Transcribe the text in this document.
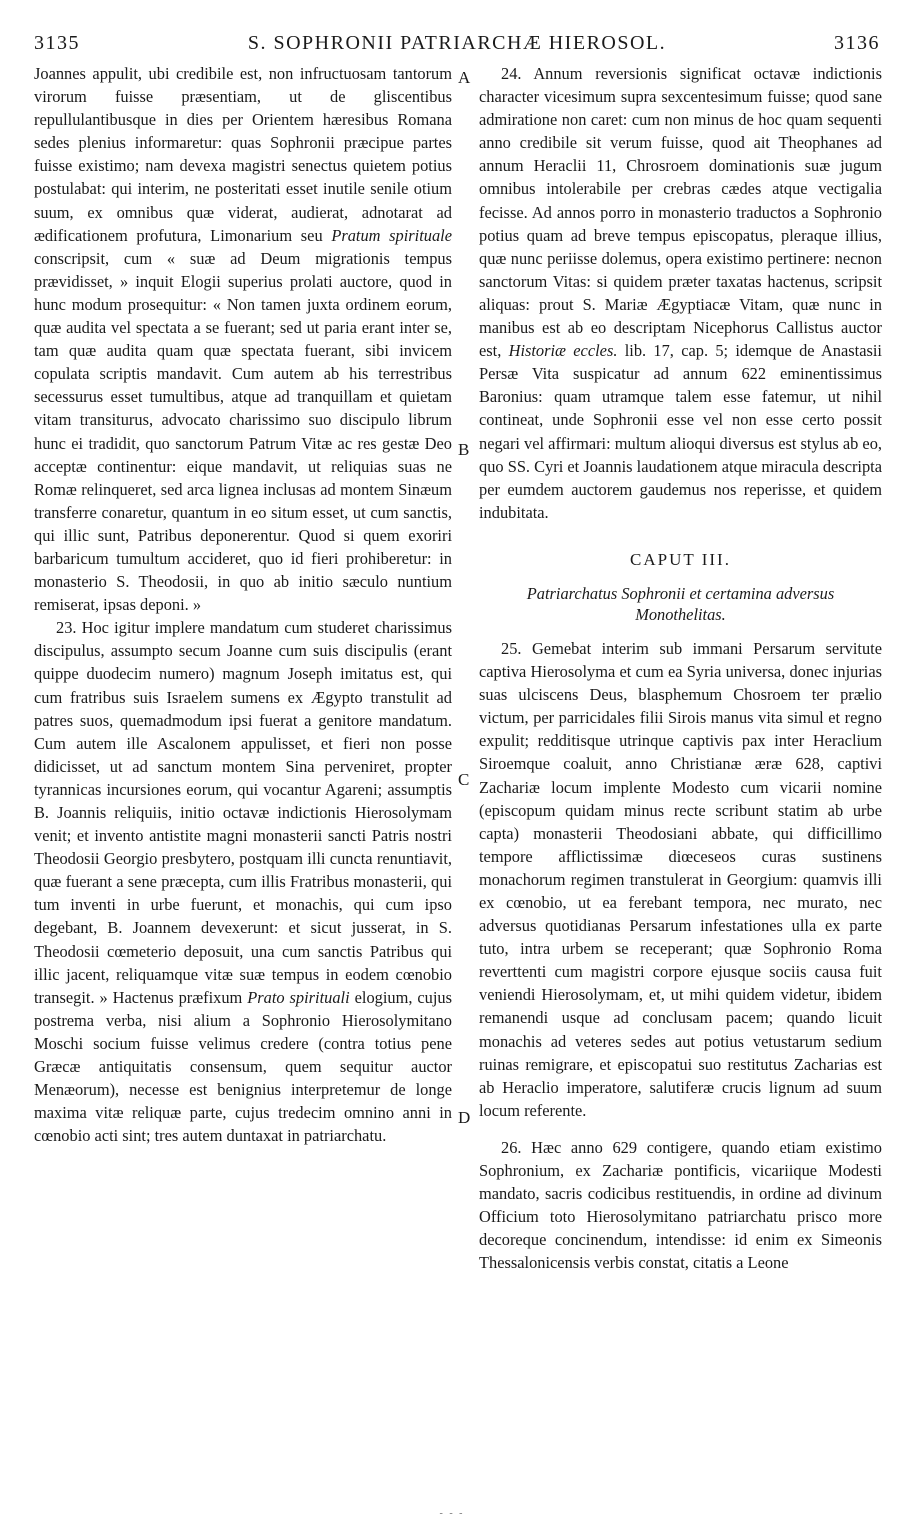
3135	S. SOPHRONII PATRIARCHÆ HIEROSOL.	3136
A
B
C
D

Joannes appulit, ubi credibile est, non infructuosam tantorum virorum fuisse præsentiam, ut de gliscentibus repullulantibusque in dies per Orientem hæresibus Romana sedes plenius informaretur: quas Sophronii præcipue partes fuisse existimo; nam devexa magistri senectus quietem potius postulabat: qui interim, ne posteritati esset inutile senile otium suum, ex omnibus quæ viderat, audierat, adnotarat ad ædificationem profutura, Limonarium seu Pratum spirituale conscripsit, cum « suæ ad Deum migrationis tempus prævidisset, » inquit Elogii superius prolati auctore, quod in hunc modum prosequitur: « Non tamen juxta ordinem eorum, quæ audita vel spectata a se fuerant; sed ut paria erant inter se, tam quæ audita quam quæ spectata fuerant, sibi invicem copulata scriptis mandavit. Cum autem ab his terrestribus secessurus esset tumultibus, atque ad tranquillam et quietam vitam transiturus, advocato charissimo suo discipulo librum hunc ei tradidit, quo sanctorum Patrum Vitæ ac res gestæ Deo acceptæ continentur: eique mandavit, ut reliquias suas ne Romæ relinqueret, sed arca lignea inclusas ad montem Sinæum transferre conaretur, quantum in eo situm esset, ut cum sanctis, qui illic sunt, Patribus deponerentur. Quod si quem exoriri barbaricum tumultum accideret, quo id fieri prohiberetur: in monasterio S. Theodosii, in quo ab initio sæculo nuntium remiserat, ipsas deponi. »

23. Hoc igitur implere mandatum cum studeret charissimus discipulus, assumpto secum Joanne cum suis discipulis (erant quippe duodecim numero) magnum Joseph imitatus est, qui cum fratribus suis Israelem sumens ex Ægypto transtulit ad patres suos, quemadmodum ipsi fuerat a genitore mandatum. Cum autem ille Ascalonem appulisset, et fieri non posse didicisset, ut ad sanctum montem Sina perveniret, propter tyrannicas incursiones eorum, qui vocantur Agareni; assumptis B. Joannis reliquiis, initio octavæ indictionis Hierosolymam venit; et invento antistite magni monasterii sancti Patris nostri Theodosii Georgio presbytero, postquam illi cuncta renuntiavit, quæ fuerant a sene præcepta, cum illis Fratribus monasterii, qui tum inventi in urbe fuerunt, et monachis, qui cum ipso degebant, B. Joannem devexerunt: et sicut jusserat, in S. Theodosii cœmeterio deposuit, una cum sanctis Patribus qui illic jacent, reliquamque vitæ suæ tempus in eodem cœnobio transegit. » Hactenus præfixum Prato spirituali elogium, cujus postrema verba, nisi alium a Sophronio Hierosolymitano Moschi socium fuisse velimus credere (contra totius pene Græcæ antiquitatis consensum, quem sequitur auctor Menæorum), necesse est benignius interpretemur de longe maxima vitæ reliquæ parte, cujus tredecim omnino anni in cœnobio acti sint; tres autem duntaxat in patriarchatu.

24. Annum reversionis significat octavæ indictionis character vicesimum supra sexcentesimum fuisse; quod sane admiratione non caret: cum non minus de hoc quam sequenti anno credibile sit verum fuisse, quod ait Theophanes ad annum Heraclii 11, Chrosroem dominationis suæ jugum omnibus intolerabile per crebras cædes atque vectigalia fecisse. Ad annos porro in monasterio traductos a Sophronio potius quam ad breve tempus episcopatus, pleraque illius, quæ nunc periisse dolemus, opera existimo pertinere: necnon sanctorum Vitas: si quidem præter taxatas hactenus, scripsit aliquas: prout S. Mariæ Ægyptiacæ Vitam, quæ nunc in manibus est ab eo descriptam Nicephorus Callistus auctor est, Historiæ eccles. lib. 17, cap. 5; idemque de Anastasii Persæ Vita suspicatur ad annum 622 eminentissimus Baronius: quam utramque talem esse fatemur, ut nihil contineat, unde Sophronii esse vel non esse certo possit negari vel affirmari: multum alioqui diversus est stylus ab eo, quo SS. Cyri et Joannis laudationem atque miracula descripta per eumdem auctorem gaudemus nos reperisse, et quidem indubitata.

CAPUT III.
Patriarchatus Sophronii et certamina adversus Monothelitas.

25. Gemebat interim sub immani Persarum servitute captiva Hierosolyma et cum ea Syria universa, donec injurias suas ulciscens Deus, blasphemum Chosroem ter prælio victum, per parricidales filii Sirois manus vita simul et regno expulit; redditisque utrinque captivis pax inter Heraclium Siroemque coaluit, anno Christianæ æræ 628, captivi Zachariæ locum implente Modesto cum vicarii nomine (episcopum quidam minus recte scribunt statim ab urbe capta) monasterii Theodosiani abbate, qui difficillimo tempore afflictissimæ diœceseos curas sustinens monachorum regimen transtulerat in Georgium: quamvis illi ex cœnobio, ut ea ferebant tempora, nec murato, nec adversus quotidianas Persarum infestationes ulla ex parte tuto, intra urbem se receperant; quæ Sophronio Roma reverttenti cum magistri corpore ejusque sociis causa fuit veniendi Hierosolymam, et, ut mihi quidem videtur, ibidem remanendi usque ad conclusam pacem; quando licuit monachis ad veteres sedes aut potius vetustarum sedium ruinas remigrare, et episcopatui suo restitutus Zacharias est ab Heraclio imperatore, salutiferæ crucis lignum ad suum locum referente.

26. Hæc anno 629 contigere, quando etiam existimo Sophronium, ex Zachariæ pontificis, vicariique Modesti mandato, sacris codicibus restituendis, in ordine ad divinum Officium toto Hierosolymitano patriarchatu prisco more decoreque concinendum, intendisse: id enim ex Simeonis Thessalonicensis verbis constat, citatis a Leone

- - -
